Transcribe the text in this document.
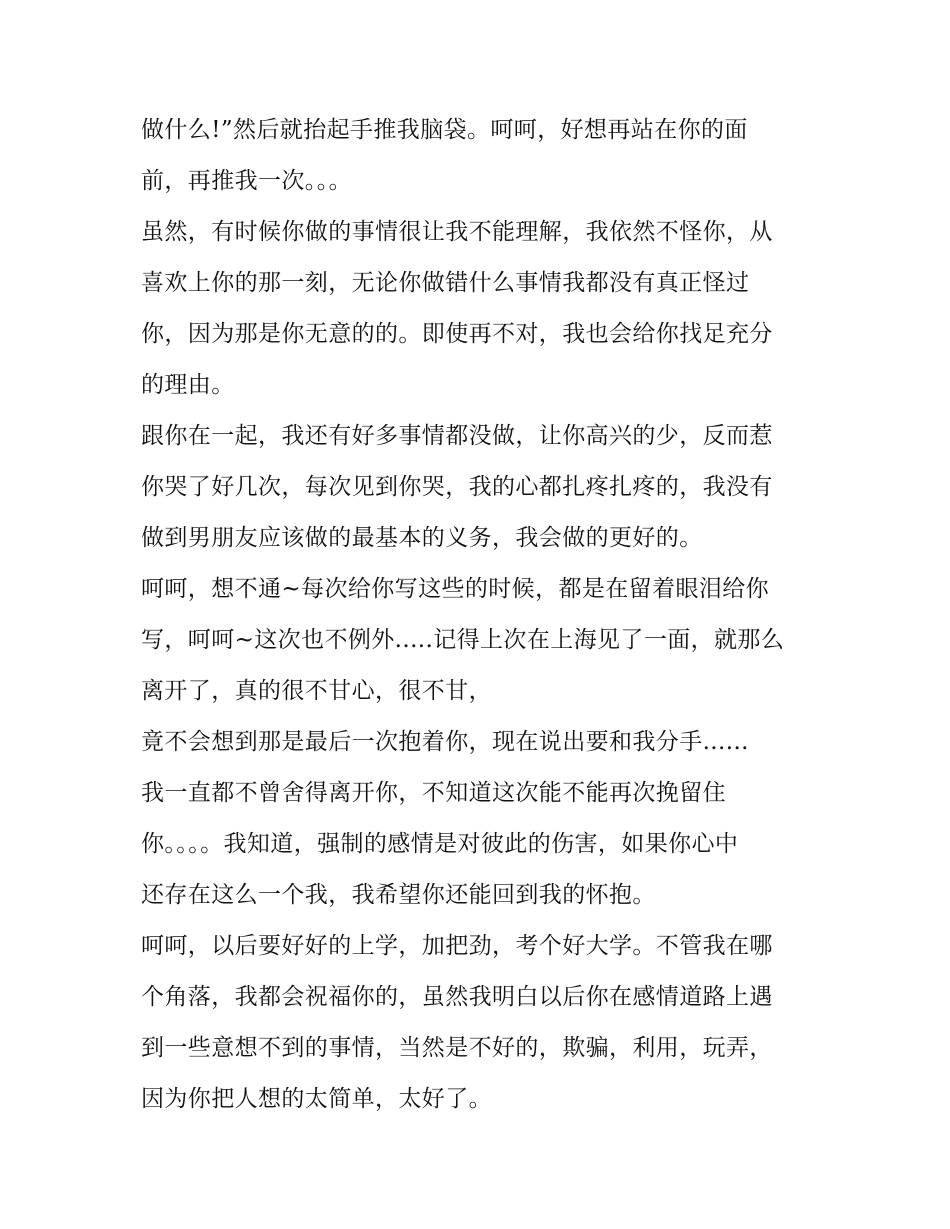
做什么!”然后就抬起手推我脑袋。呵呵，好想再站在你的面
前，再推我一次。。。
虽然，有时候你做的事情很让我不能理解，我依然不怪你，从
喜欢上你的那一刻，无论你做错什么事情我都没有真正怪过
你，因为那是你无意的的。即使再不对，我也会给你找足充分
的理由。
跟你在一起，我还有好多事情都没做，让你高兴的少，反而惹
你哭了好几次，每次见到你哭，我的心都扎疼扎疼的，我没有
做到男朋友应该做的最基本的义务，我会做的更好的。
呵呵，想不通~每次给你写这些的时候，都是在留着眼泪给你
写，呵呵~这次也不例外.....记得上次在上海见了一面，就那么
离开了，真的很不甘心，很不甘，
竟不会想到那是最后一次抱着你，现在说出要和我分手......
我一直都不曾舍得离开你，不知道这次能不能再次挽留住
你。。。。我知道，强制的感情是对彼此的伤害，如果你心中
还存在这么一个我，我希望你还能回到我的怀抱。
呵呵，以后要好好的上学，加把劲，考个好大学。不管我在哪
个角落，我都会祝福你的，虽然我明白以后你在感情道路上遇
到一些意想不到的事情，当然是不好的，欺骗，利用，玩弄，
因为你把人想的太简单，太好了。
